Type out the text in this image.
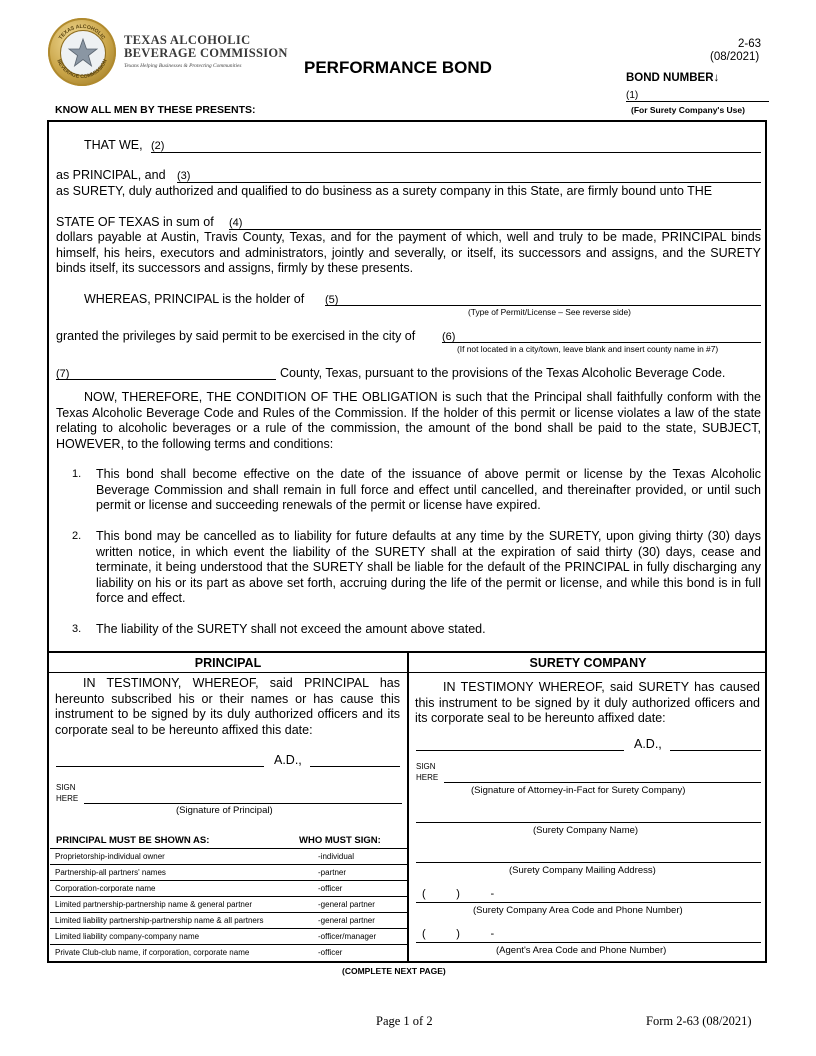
TEXAS ALCOHOLIC
BEVERAGE COMMISSION
TEXAS ALCOHOLIC
BEVERAGE COMMISSION
Texans Helping Businesses & Protecting Communities	PERFORMANCE BOND
2-63
(08/2021)
BOND NUMBER↓
(1)
(For Surety Company's Use)
KNOW ALL MEN BY THESE PRESENTS:
THAT WE, (2)
as PRINCIPAL, and (3)
as SURETY, duly authorized and qualified to do business as a surety company in this State, are firmly bound unto THE
STATE OF TEXAS in sum of (4)
dollars payable at Austin, Travis County, Texas, and for the payment of which, well and truly to be made, PRINCIPAL binds himself, his heirs, executors and administrators, jointly and severally, or itself, its successors and assigns, and the SURETY binds itself, its successors and assigns, firmly by these presents.
WHEREAS, PRINCIPAL is the holder of (5)
(Type of Permit/License – See reverse side)
granted the privileges by said permit to be exercised in the city of (6)
(If not located in a city/town, leave blank and insert county name in #7)
(7)	County, Texas, pursuant to the provisions of the Texas Alcoholic Beverage Code.
NOW, THEREFORE, THE CONDITION OF THE OBLIGATION is such that the Principal shall faithfully conform with the Texas Alcoholic Beverage Code and Rules of the Commission. If the holder of this permit or license violates a law of the state relating to alcoholic beverages or a rule of the commission, the amount of the bond shall be paid to the state, SUBJECT, HOWEVER, to the following terms and conditions:
1. This bond shall become effective on the date of the issuance of above permit or license by the Texas Alcoholic Beverage Commission and shall remain in full force and effect until cancelled, and thereinafter provided, or until such permit or license and succeeding renewals of the permit or license have expired.
2. This bond may be cancelled as to liability for future defaults at any time by the SURETY, upon giving thirty (30) days written notice, in which event the liability of the SURETY shall at the expiration of said thirty (30) days, cease and terminate, it being understood that the SURETY shall be liable for the default of the PRINCIPAL in fully discharging any liability on his or its part as above set forth, accruing during the life of the permit or license, and while this bond is in full force and effect.
3. The liability of the SURETY shall not exceed the amount above stated.
PRINCIPAL	SURETY COMPANY
IN TESTIMONY, WHEREOF, said PRINCIPAL has hereunto subscribed his or their names or has cause this instrument to be signed by its duly authorized officers and its corporate seal to be hereunto affixed this date:
A.D.,
SIGN
HERE
(Signature of Principal)
PRINCIPAL MUST BE SHOWN AS:	WHO MUST SIGN:
Proprietorship-individual owner	-individual
Partnership-all partners' names	-partner
Corporation-corporate name	-officer
Limited partnership-partnership name & general partner	-general partner
Limited liability partnership-partnership name & all partners	-general partner
Limited liability company-company name	-officer/manager
Private Club-club name, if corporation, corporate name	-officer
IN TESTIMONY WHEREOF, said SURETY has caused this instrument to be signed by it duly authorized officers and its corporate seal to be hereunto affixed date:
A.D.,
SIGN
HERE
(Signature of Attorney-in-Fact for Surety Company)
(Surety Company Name)
(Surety Company Mailing Address)
(          )          -
(Surety Company Area Code and Phone Number)
(          )          -
(Agent's Area Code and Phone Number)
(COMPLETE NEXT PAGE)
Page 1 of 2	Form 2-63 (08/2021)
